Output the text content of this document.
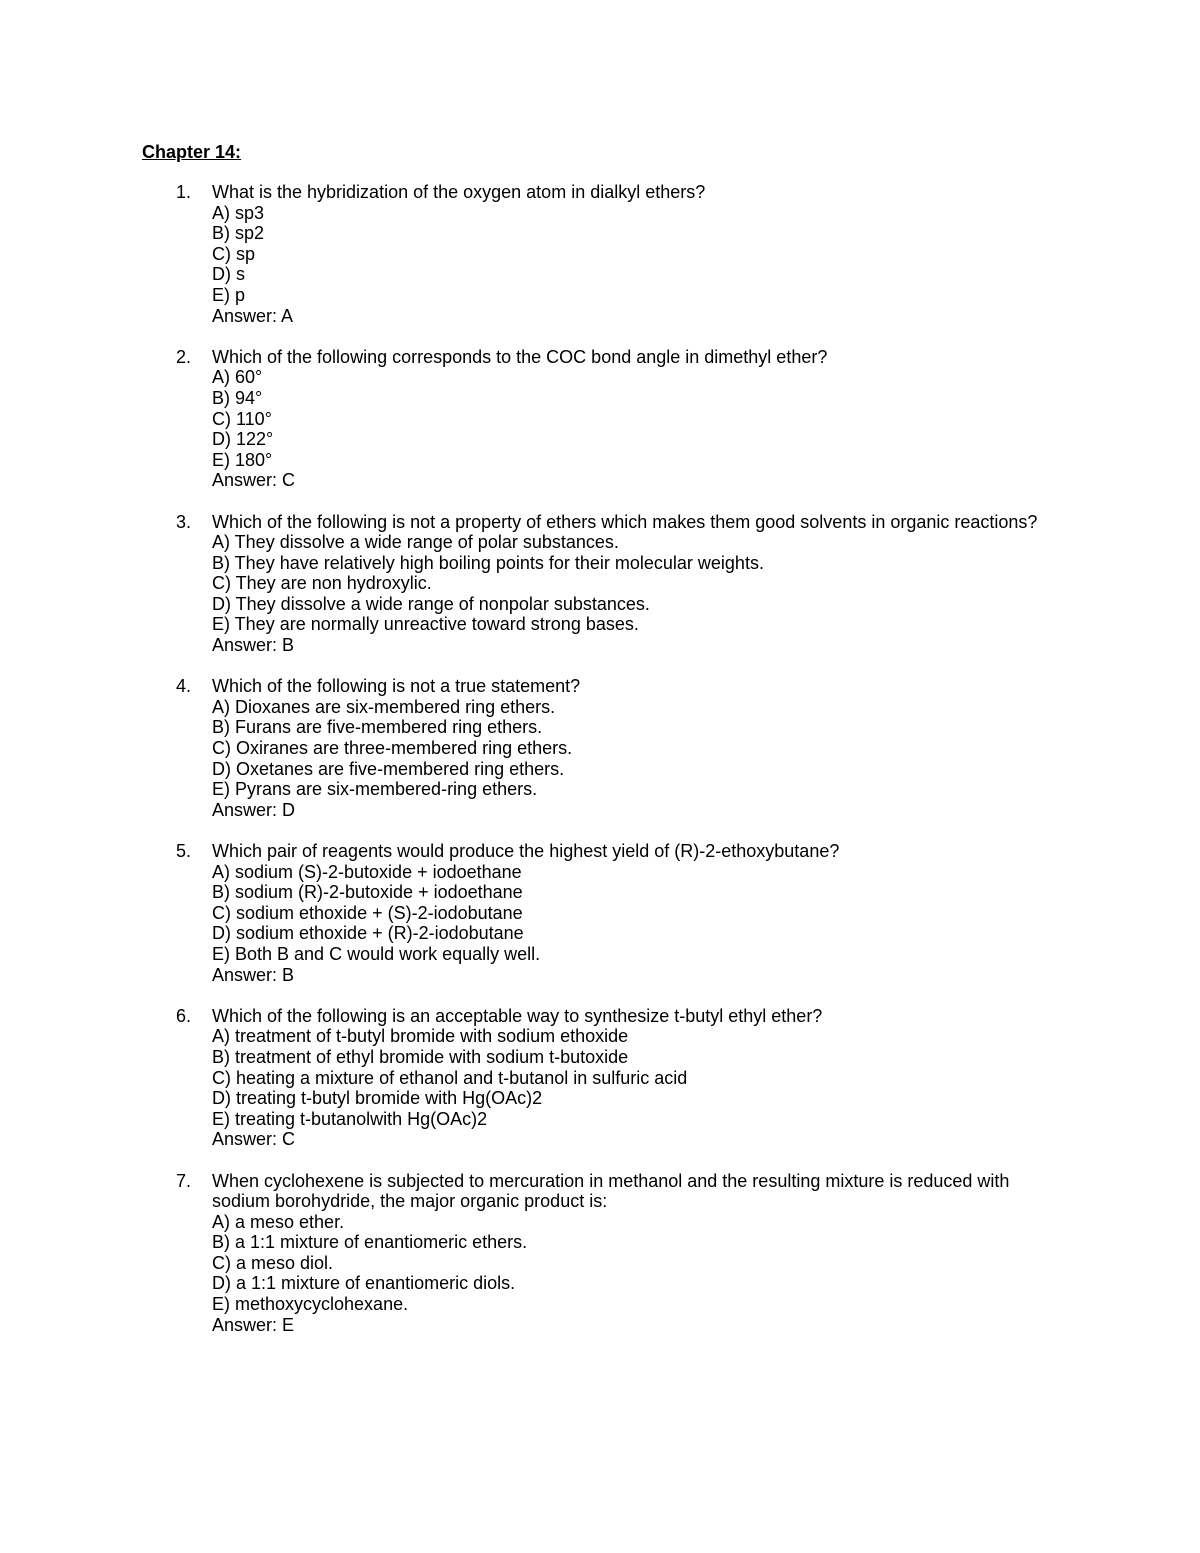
Chapter 14:
1. What is the hybridization of the oxygen atom in dialkyl ethers?
A) sp3
B) sp2
C) sp
D) s
E) p
Answer: A
2. Which of the following corresponds to the COC bond angle in dimethyl ether?
A) 60°
B) 94°
C) 110°
D) 122°
E) 180°
Answer: C
3. Which of the following is not a property of ethers which makes them good solvents in organic reactions?
A) They dissolve a wide range of polar substances.
B) They have relatively high boiling points for their molecular weights.
C) They are non hydroxylic.
D) They dissolve a wide range of nonpolar substances.
E) They are normally unreactive toward strong bases.
Answer: B
4. Which of the following is not a true statement?
A) Dioxanes are six-membered ring ethers.
B) Furans are five-membered ring ethers.
C) Oxiranes are three-membered ring ethers.
D) Oxetanes are five-membered ring ethers.
E) Pyrans are six-membered-ring ethers.
Answer: D
5. Which pair of reagents would produce the highest yield of (R)-2-ethoxybutane?
A) sodium (S)-2-butoxide + iodoethane
B) sodium (R)-2-butoxide + iodoethane
C) sodium ethoxide + (S)-2-iodobutane
D) sodium ethoxide + (R)-2-iodobutane
E) Both B and C would work equally well.
Answer: B
6. Which of the following is an acceptable way to synthesize t-butyl ethyl ether?
A) treatment of t-butyl bromide with sodium ethoxide
B) treatment of ethyl bromide with sodium t-butoxide
C) heating a mixture of ethanol and t-butanol in sulfuric acid
D) treating t-butyl bromide with Hg(OAc)2
E) treating t-butanolwith Hg(OAc)2
Answer: C
7. When cyclohexene is subjected to mercuration in methanol and the resulting mixture is reduced with sodium borohydride, the major organic product is:
A) a meso ether.
B) a 1:1 mixture of enantiomeric ethers.
C) a meso diol.
D) a 1:1 mixture of enantiomeric diols.
E) methoxycyclohexane.
Answer: E
